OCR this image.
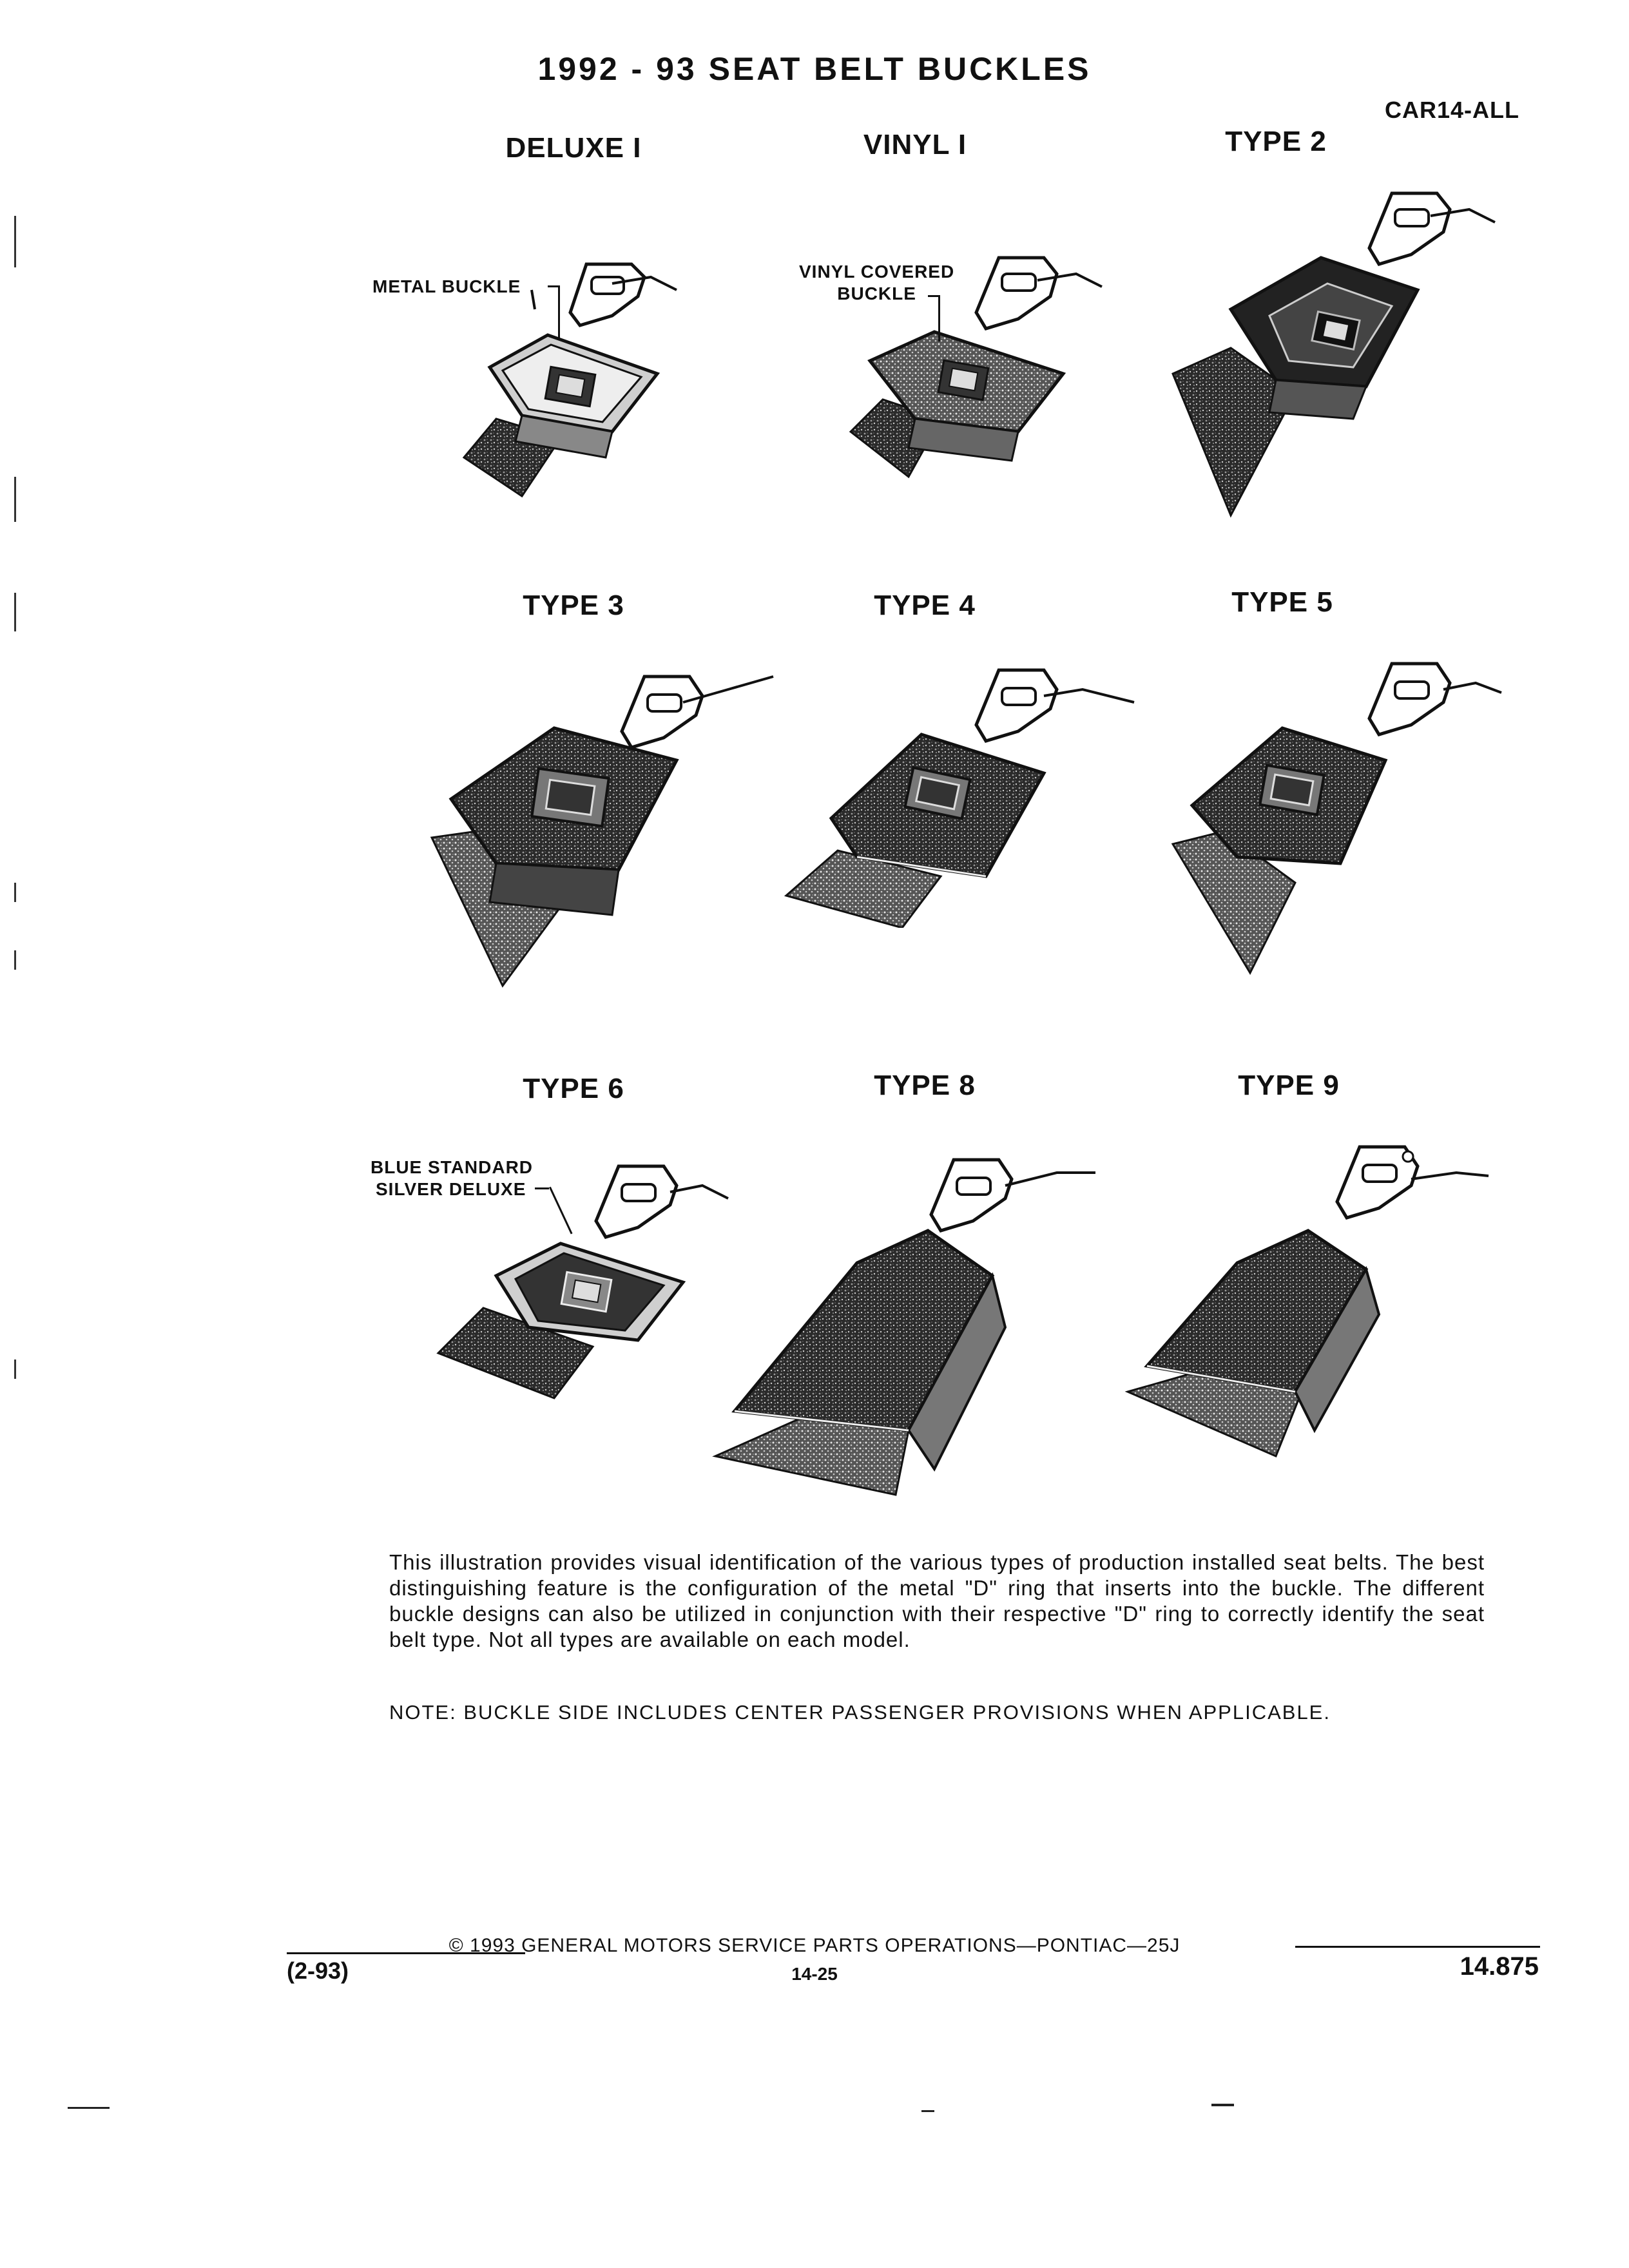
1992 - 93 SEAT BELT BUCKLES
CAR14-ALL
DELUXE I	VINYL I	TYPE 2
TYPE 3	TYPE 4	TYPE 5
TYPE 6	TYPE 8	TYPE 9
METAL BUCKLE
VINYL COVERED
BUCKLE
BLUE STANDARD
SILVER DELUXE
This illustration provides visual identification of the various types of production installed seat belts. The best distinguishing feature is the configuration of the metal "D" ring that inserts into the buckle. The different buckle designs can also be utilized in conjunction with their respective "D" ring to correctly identify the seat belt type. Not all types are available on each model.
NOTE: BUCKLE SIDE INCLUDES CENTER PASSENGER PROVISIONS WHEN APPLICABLE.
© 1993 GENERAL MOTORS SERVICE PARTS OPERATIONS—PONTIAC—25J
14-25
(2-93)	14.875
